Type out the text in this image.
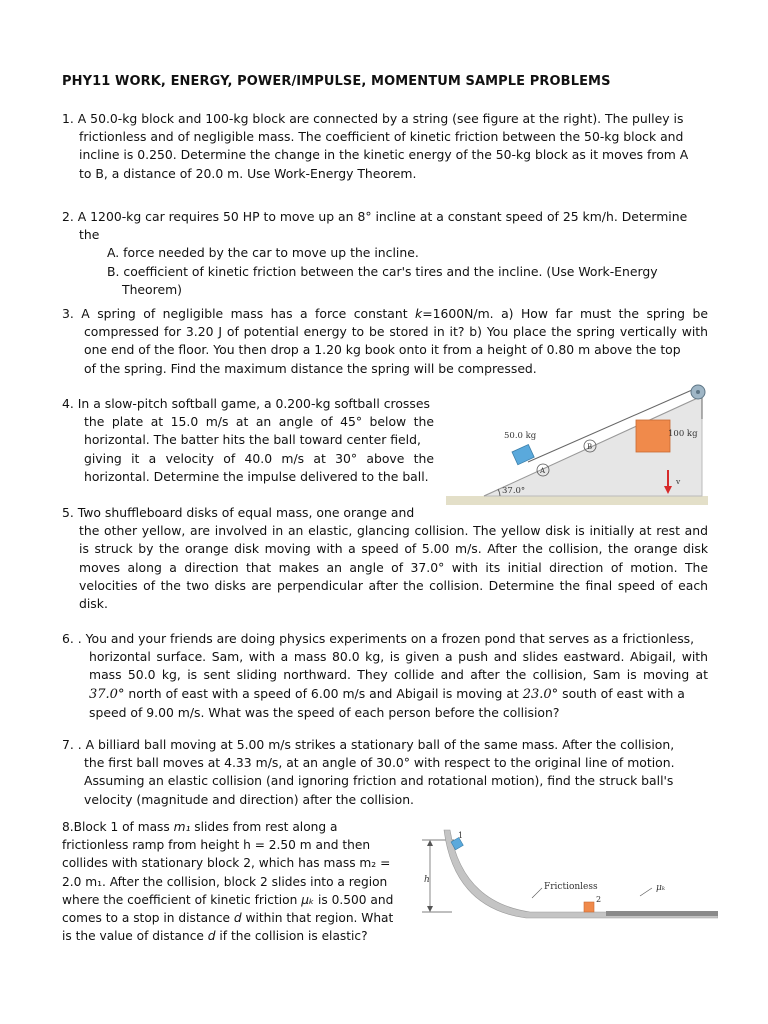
PHY11 WORK, ENERGY, POWER/IMPULSE, MOMENTUM SAMPLE PROBLEMS
1. A 50.0-kg block and 100-kg block are connected by a string (see figure at the right). The pulley is
frictionless and of negligible mass. The coefficient of kinetic friction between the 50-kg block and
incline is 0.250. Determine the change in the kinetic energy of the 50-kg block as it moves from A
to B, a distance of 20.0 m. Use Work-Energy Theorem.
2. A 1200-kg car requires 50 HP to move up an 8° incline at a constant speed of 25 km/h. Determine
the
A. force needed by the car to move up the incline.
B. coefficient of kinetic friction between the car's tires and the incline. (Use Work-Energy
Theorem)
3. A spring of negligible mass has a force constant k=1600N/m. a) How far must the spring be
compressed for 3.20 J of potential energy to be stored in it? b) You place the spring vertically with
one end of the floor. You then drop a 1.20 kg book onto it from a height of 0.80 m above the top
of the spring. Find the maximum distance the spring will be compressed.
4. In a slow-pitch softball game, a 0.200-kg softball crosses
the plate at 15.0 m/s at an angle of 45° below the
horizontal. The batter hits the ball toward center field,
giving it a velocity of 40.0 m/s at 30° above the
horizontal. Determine the impulse delivered to the ball.
50.0 kg	100 kg
A
B
37.0°
v
5. Two shuffleboard disks of equal mass, one orange and
the other yellow, are involved in an elastic, glancing collision. The yellow disk is initially at rest and
is struck by the orange disk moving with a speed of 5.00 m/s. After the collision, the orange disk
moves along a direction that makes an angle of 37.0° with its initial direction of motion. The
velocities of the two disks are perpendicular after the collision. Determine the final speed of each
disk.
6. . You and your friends are doing physics experiments on a frozen pond that serves as a frictionless,
horizontal surface. Sam, with a mass 80.0 kg, is given a push and slides eastward. Abigail, with
mass 50.0 kg, is sent sliding northward. They collide and after the collision, Sam is moving at
37.0° north of east with a speed of 6.00 m/s and Abigail is moving at 23.0° south of east with a
speed of 9.00 m/s. What was the speed of each person before the collision?
7. . A billiard ball moving at 5.00 m/s strikes a stationary ball of the same mass. After the collision,
the first ball moves at 4.33 m/s, at an angle of 30.0° with respect to the original line of motion.
Assuming an elastic collision (and ignoring friction and rotational motion), find the struck ball's
velocity (magnitude and direction) after the collision.
8.Block 1 of mass m₁ slides from rest along a
frictionless ramp from height h = 2.50 m and then
collides with stationary block 2, which has mass m₂ =
2.0 m₁. After the collision, block 2 slides into a region
where the coefficient of kinetic friction μₖ is 0.500 and
comes to a stop in distance d within that region. What
is the value of distance d if the collision is elastic?
h
1
2
Frictionless	μₖ
